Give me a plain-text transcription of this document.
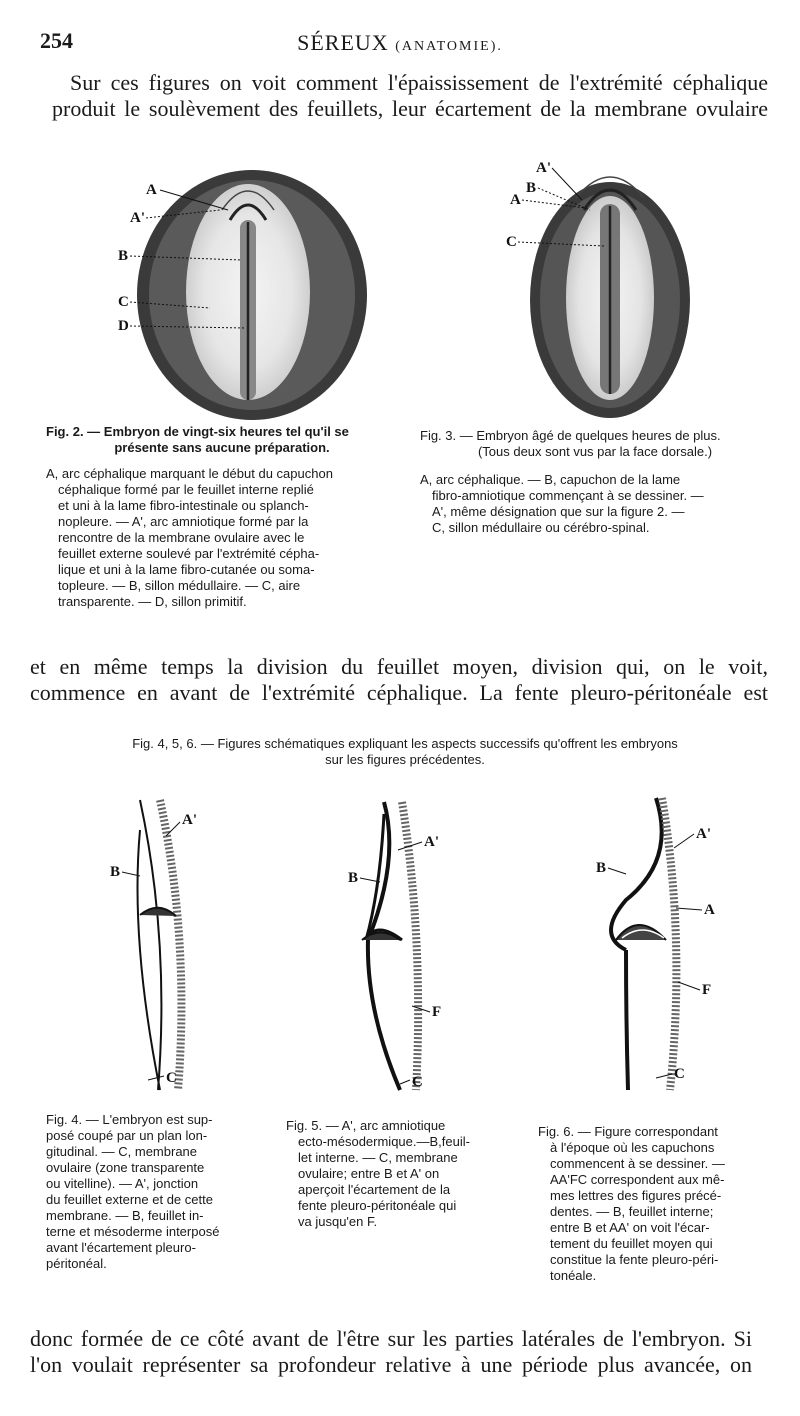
254	SÉREUX (ANATOMIE).
Sur ces figures on voit comment l'épaississement de l'extrémité céphalique
produit le soulèvement des feuillets, leur écartement de la membrane ovulaire
A
A'
B
C
D
A'
B
A
C
Fig. 2. — Embryon de vingt-six heures tel qu'il se
présente sans aucune préparation.
A, arc céphalique marquant le début du capuchon
céphalique formé par le feuillet interne replié
et uni à la lame fibro-intestinale ou splanch-
nopleure. — A', arc amniotique formé par la
rencontre de la membrane ovulaire avec le
feuillet externe soulevé par l'extrémité cépha-
lique et uni à la lame fibro-cutanée ou soma-
topleure. — B, sillon médullaire. — C, aire
transparente. — D, sillon primitif.
Fig. 3. — Embryon âgé de quelques heures de plus.
(Tous deux sont vus par la face dorsale.)
A, arc céphalique. — B, capuchon de la lame
fibro-amniotique commençant à se dessiner. —
A', même désignation que sur la figure 2. —
C, sillon médullaire ou cérébro-spinal.
et en même temps la division du feuillet moyen, division qui, on le voit,
commence en avant de l'extrémité céphalique. La fente pleuro-péritonéale est
Fig. 4, 5, 6. — Figures schématiques expliquant les aspects successifs qu'offrent les embryons
sur les figures précédentes.
A'
B
C
A'
B
F
C
A'
B
A
F
C
Fig. 4. — L'embryon est sup-
posé coupé par un plan lon-
gitudinal. — C, membrane
ovulaire (zone transparente
ou vitelline). — A', jonction
du feuillet externe et de cette
membrane. — B, feuillet in-
terne et mésoderme interposé
avant l'écartement pleuro-
péritonéal.
Fig. 5. — A', arc amniotique
ecto-mésodermique.—B,feuil-
let interne. — C, membrane
ovulaire; entre B et A' on
aperçoit l'écartement de la
fente pleuro-péritonéale qui
va jusqu'en F.
Fig. 6. — Figure correspondant
à l'époque où les capuchons
commencent à se dessiner. —
AA'FC correspondent aux mê-
mes lettres des figures précé-
dentes. — B, feuillet interne;
entre B et AA' on voit l'écar-
tement du feuillet moyen qui
constitue la fente pleuro-péri-
tonéale.
donc formée de ce côté avant de l'être sur les parties latérales de l'embryon. Si
l'on voulait représenter sa profondeur relative à une période plus avancée, on
